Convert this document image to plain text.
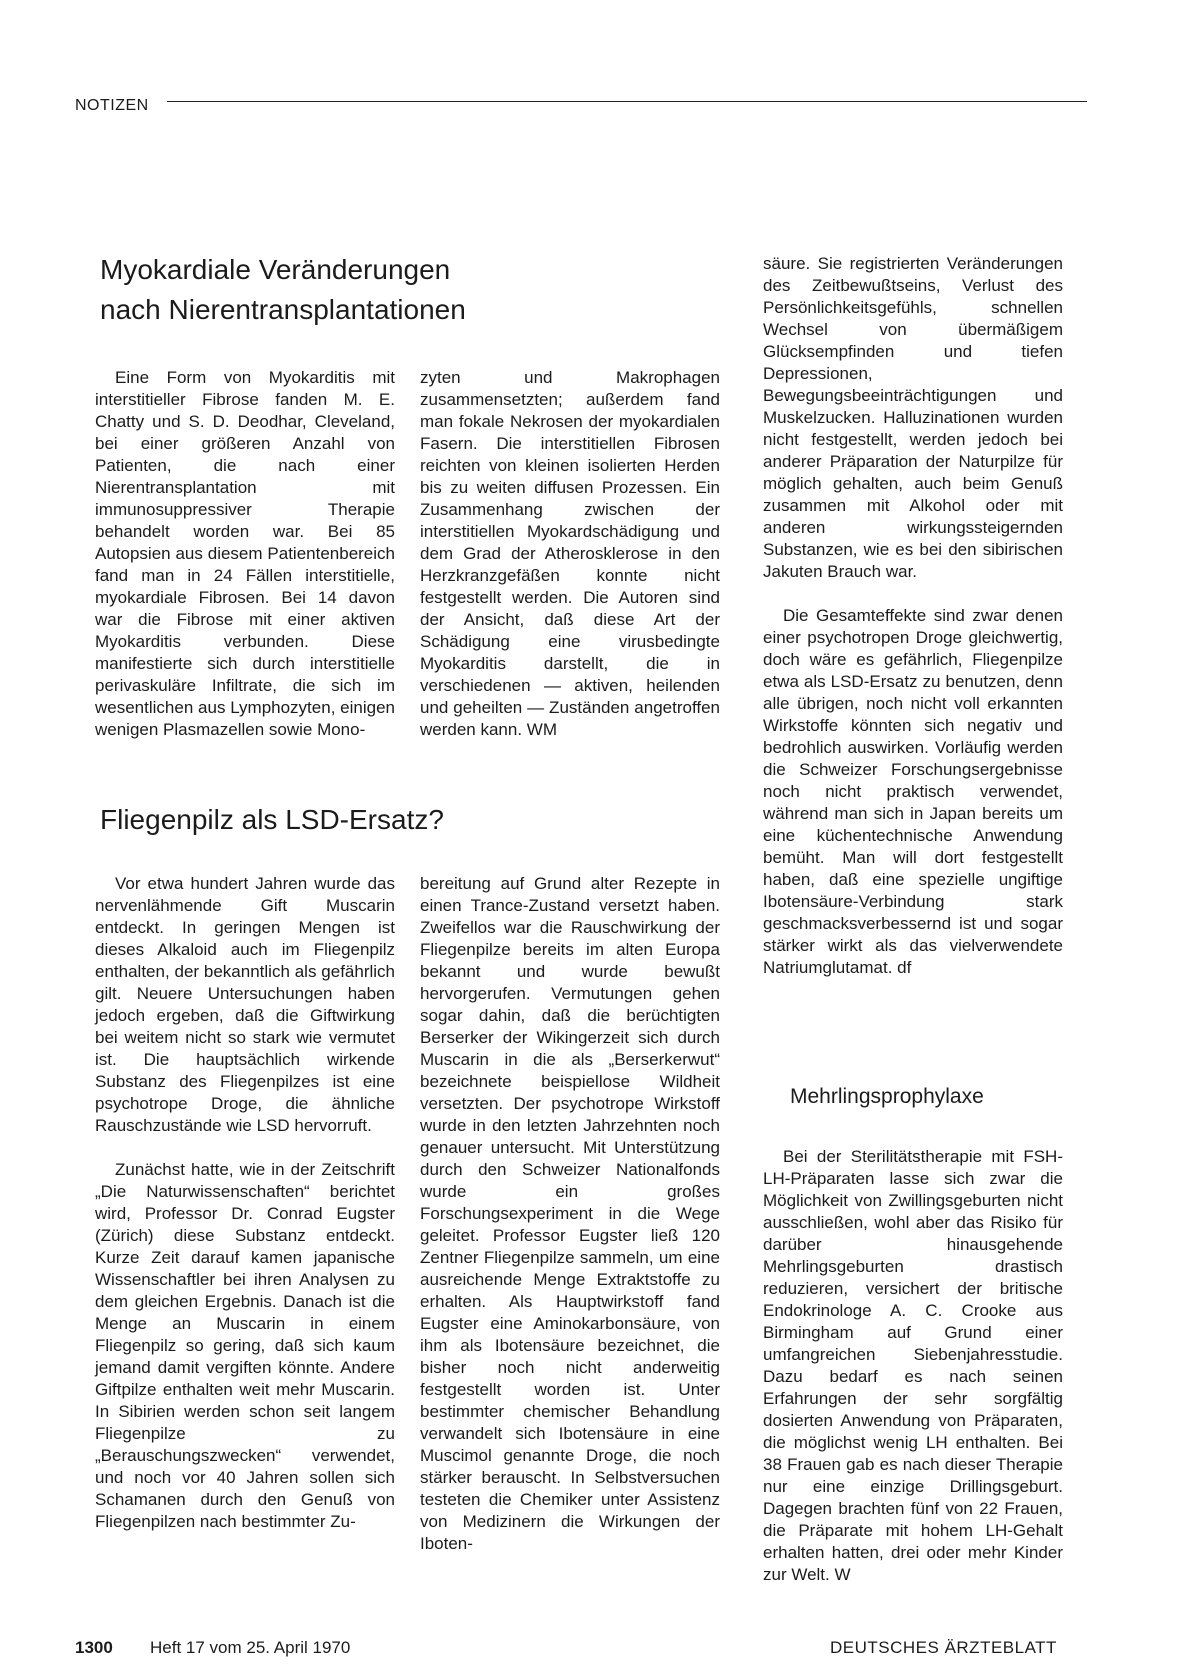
NOTIZEN
Myokardiale Veränderungen
nach Nierentransplantationen

Eine Form von Myokarditis mit interstitieller Fibrose fanden M. E. Chatty und S. D. Deodhar, Cleveland, bei einer größeren Anzahl von Patienten, die nach einer Nierentransplantation mit immunosuppressiver Therapie behandelt worden war. Bei 85 Autopsien aus diesem Patientenbereich fand man in 24 Fällen interstitielle, myokardiale Fibrosen. Bei 14 davon war die Fibrose mit einer aktiven Myokarditis verbunden. Diese manifestierte sich durch interstitielle perivaskuläre Infiltrate, die sich im wesentlichen aus Lymphozyten, einigen wenigen Plasmazellen sowie Mono-

zyten und Makrophagen zusammensetzten; außerdem fand man fokale Nekrosen der myokardialen Fasern. Die interstitiellen Fibrosen reichten von kleinen isolierten Herden bis zu weiten diffusen Prozessen. Ein Zusammenhang zwischen der interstitiellen Myokardschädigung und dem Grad der Atherosklerose in den Herzkranzgefäßen konnte nicht festgestellt werden. Die Autoren sind der Ansicht, daß diese Art der Schädigung eine virusbedingte Myokarditis darstellt, die in verschiedenen — aktiven, heilenden und geheilten — Zuständen angetroffen werden kann. WM

Fliegenpilz als LSD-Ersatz?

Vor etwa hundert Jahren wurde das nervenlähmende Gift Muscarin entdeckt. In geringen Mengen ist dieses Alkaloid auch im Fliegenpilz enthalten, der bekanntlich als gefährlich gilt. Neuere Untersuchungen haben jedoch ergeben, daß die Giftwirkung bei weitem nicht so stark wie vermutet ist. Die hauptsächlich wirkende Substanz des Fliegenpilzes ist eine psychotrope Droge, die ähnliche Rauschzustände wie LSD hervorruft.

Zunächst hatte, wie in der Zeitschrift „Die Naturwissenschaften“ berichtet wird, Professor Dr. Conrad Eugster (Zürich) diese Substanz entdeckt. Kurze Zeit darauf kamen japanische Wissenschaftler bei ihren Analysen zu dem gleichen Ergebnis. Danach ist die Menge an Muscarin in einem Fliegenpilz so gering, daß sich kaum jemand damit vergiften könnte. Andere Giftpilze enthalten weit mehr Muscarin. In Sibirien werden schon seit langem Fliegenpilze zu „Berauschungszwecken“ verwendet, und noch vor 40 Jahren sollen sich Schamanen durch den Genuß von Fliegenpilzen nach bestimmter Zu-

bereitung auf Grund alter Rezepte in einen Trance-Zustand versetzt haben. Zweifellos war die Rauschwirkung der Fliegenpilze bereits im alten Europa bekannt und wurde bewußt hervorgerufen. Vermutungen gehen sogar dahin, daß die berüchtigten Berserker der Wikingerzeit sich durch Muscarin in die als „Berserkerwut“ bezeichnete beispiellose Wildheit versetzten. Der psychotrope Wirkstoff wurde in den letzten Jahrzehnten noch genauer untersucht. Mit Unterstützung durch den Schweizer Nationalfonds wurde ein großes Forschungsexperiment in die Wege geleitet. Professor Eugster ließ 120 Zentner Fliegenpilze sammeln, um eine ausreichende Menge Extraktstoffe zu erhalten. Als Hauptwirkstoff fand Eugster eine Aminokarbonsäure, von ihm als Ibotensäure bezeichnet, die bisher noch nicht anderweitig festgestellt worden ist. Unter bestimmter chemischer Behandlung verwandelt sich Ibotensäure in eine Muscimol genannte Droge, die noch stärker berauscht. In Selbstversuchen testeten die Chemiker unter Assistenz von Medizinern die Wirkungen der Iboten-

säure. Sie registrierten Veränderungen des Zeitbewußtseins, Verlust des Persönlichkeitsgefühls, schnellen Wechsel von übermäßigem Glücksempfinden und tiefen Depressionen, Bewegungsbeeinträchtigungen und Muskelzucken. Halluzinationen wurden nicht festgestellt, werden jedoch bei anderer Präparation der Naturpilze für möglich gehalten, auch beim Genuß zusammen mit Alkohol oder mit anderen wirkungssteigernden Substanzen, wie es bei den sibirischen Jakuten Brauch war.

Die Gesamteffekte sind zwar denen einer psychotropen Droge gleichwertig, doch wäre es gefährlich, Fliegenpilze etwa als LSD-Ersatz zu benutzen, denn alle übrigen, noch nicht voll erkannten Wirkstoffe könnten sich negativ und bedrohlich auswirken. Vorläufig werden die Schweizer Forschungsergebnisse noch nicht praktisch verwendet, während man sich in Japan bereits um eine küchentechnische Anwendung bemüht. Man will dort festgestellt haben, daß eine spezielle ungiftige Ibotensäure-Verbindung stark geschmacksverbessernd ist und sogar stärker wirkt als das vielverwendete Natriumglutamat. df

Mehrlingsprophylaxe

Bei der Sterilitätstherapie mit FSH-LH-Präparaten lasse sich zwar die Möglichkeit von Zwillingsgeburten nicht ausschließen, wohl aber das Risiko für darüber hinausgehende Mehrlingsgeburten drastisch reduzieren, versichert der britische Endokrinologe A. C. Crooke aus Birmingham auf Grund einer umfangreichen Siebenjahresstudie. Dazu bedarf es nach seinen Erfahrungen der sehr sorgfältig dosierten Anwendung von Präparaten, die möglichst wenig LH enthalten. Bei 38 Frauen gab es nach dieser Therapie nur eine einzige Drillingsgeburt. Dagegen brachten fünf von 22 Frauen, die Präparate mit hohem LH-Gehalt erhalten hatten, drei oder mehr Kinder zur Welt. W

1300 Heft 17 vom 25. April 1970	DEUTSCHES ÄRZTEBLATT
